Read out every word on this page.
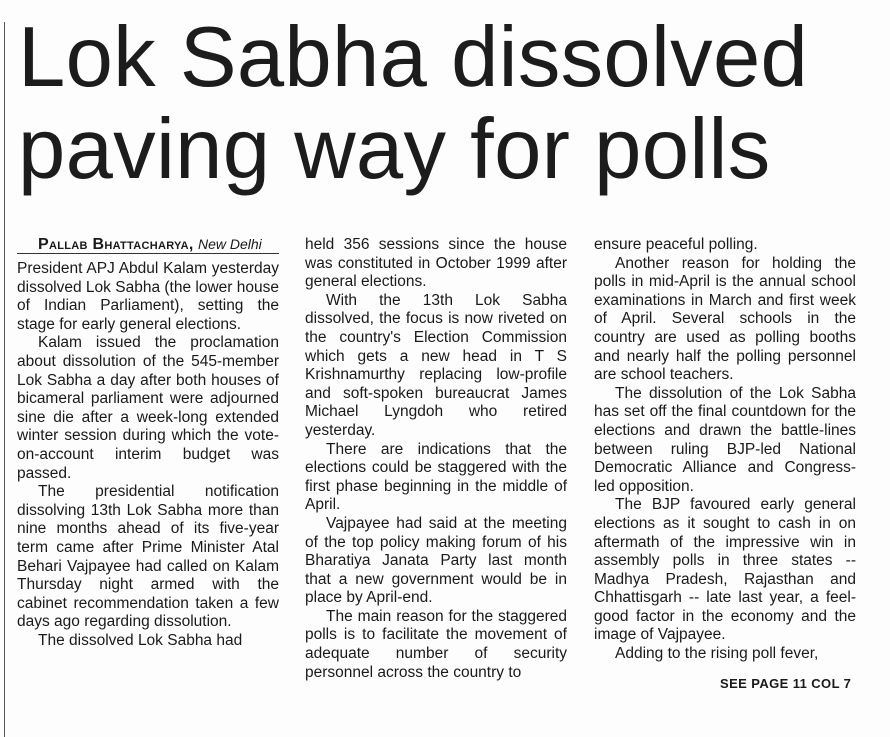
Lok Sabha dissolved paving way for polls

Pallab Bhattacharya, New Delhi

President APJ Abdul Kalam yesterday dissolved Lok Sabha (the lower house of Indian Parliament), setting the stage for early general elections.

Kalam issued the proclamation about dissolution of the 545-member Lok Sabha a day after both houses of bicameral parliament were adjourned sine die after a week-long extended winter session during which the vote-on-account interim budget was passed.

The presidential notification dissolving 13th Lok Sabha more than nine months ahead of its five-year term came after Prime Minister Atal Behari Vajpayee had called on Kalam Thursday night armed with the cabinet recommendation taken a few days ago regarding dissolution.

The dissolved Lok Sabha had

held 356 sessions since the house was constituted in October 1999 after general elections.

With the 13th Lok Sabha dissolved, the focus is now riveted on the country's Election Commission which gets a new head in T S Krishnamurthy replacing low-profile and soft-spoken bureaucrat James Michael Lyngdoh who retired yesterday.

There are indications that the elections could be staggered with the first phase beginning in the middle of April.

Vajpayee had said at the meeting of the top policy making forum of his Bharatiya Janata Party last month that a new government would be in place by April-end.

The main reason for the staggered polls is to facilitate the movement of adequate number of security personnel across the country to

ensure peaceful polling.

Another reason for holding the polls in mid-April is the annual school examinations in March and first week of April. Several schools in the country are used as polling booths and nearly half the polling personnel are school teachers.

The dissolution of the Lok Sabha has set off the final countdown for the elections and drawn the battle-lines between ruling BJP-led National Democratic Alliance and Congress-led opposition.

The BJP favoured early general elections as it sought to cash in on aftermath of the impressive win in assembly polls in three states -- Madhya Pradesh, Rajasthan and Chhattisgarh -- late last year, a feel-good factor in the economy and the image of Vajpayee.

Adding to the rising poll fever,

SEE PAGE 11 COL 7
